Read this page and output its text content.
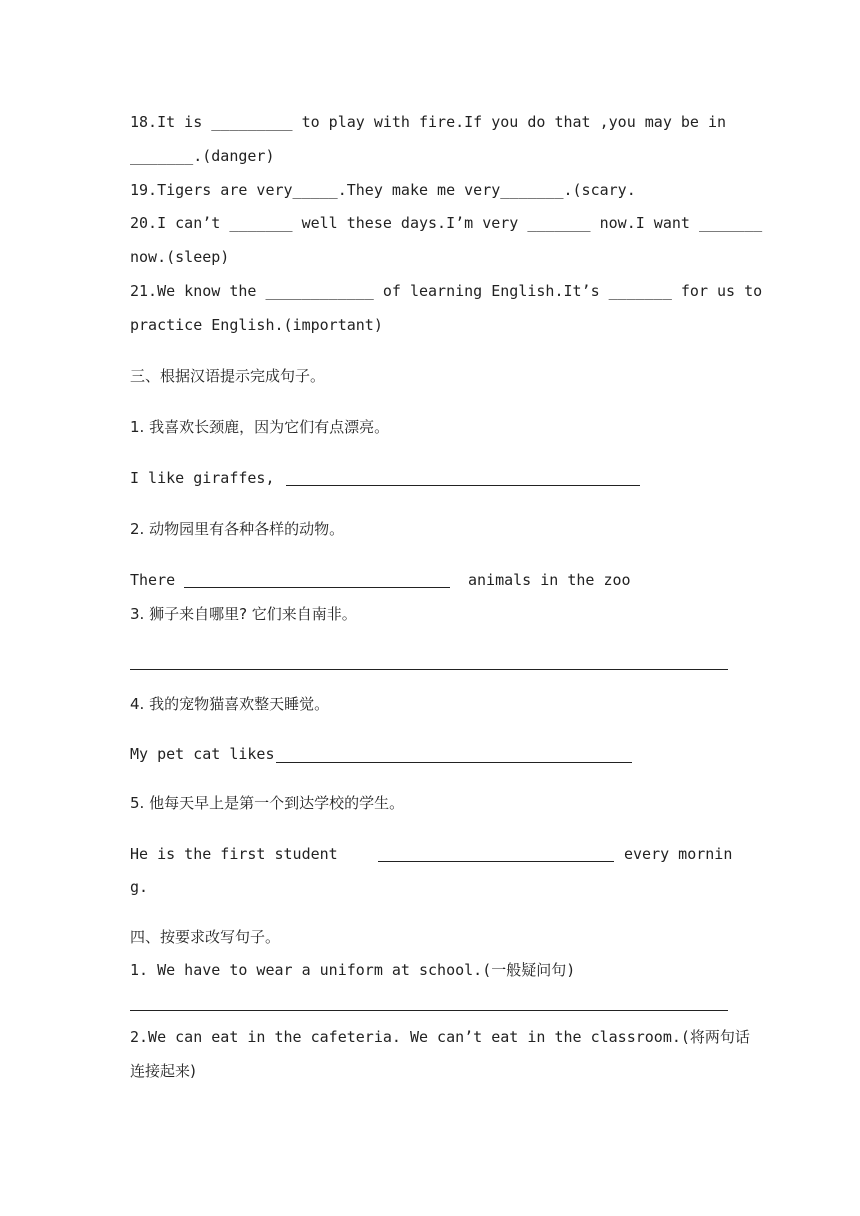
18.It is _________ to play with fire.If you do that ,you may be in
_______.(danger)
19.Tigers are very_____.They make me very_______.(scary.
20.I can’t _______ well these days.I’m very _______ now.I want _______
now.(sleep)
21.We know the ____________ of learning English.It’s _______ for us to
practice English.(important)
三、根据汉语提示完成句子。
1. 我喜欢长颈鹿，因为它们有点漂亮。
I like giraffes,
2. 动物园里有各种各样的动物。
There	animals in the zoo
3. 狮子来自哪里? 它们来自南非。
4. 我的宠物猫喜欢整天睡觉。
My pet cat likes
5. 他每天早上是第一个到达学校的学生。
He is the first student	every mornin
g.
四、按要求改写句子。
1. We have to wear a uniform at school.(一般疑问句)
2.We can eat in the cafeteria. We can’t eat in the classroom.(将两句话
连接起来)
